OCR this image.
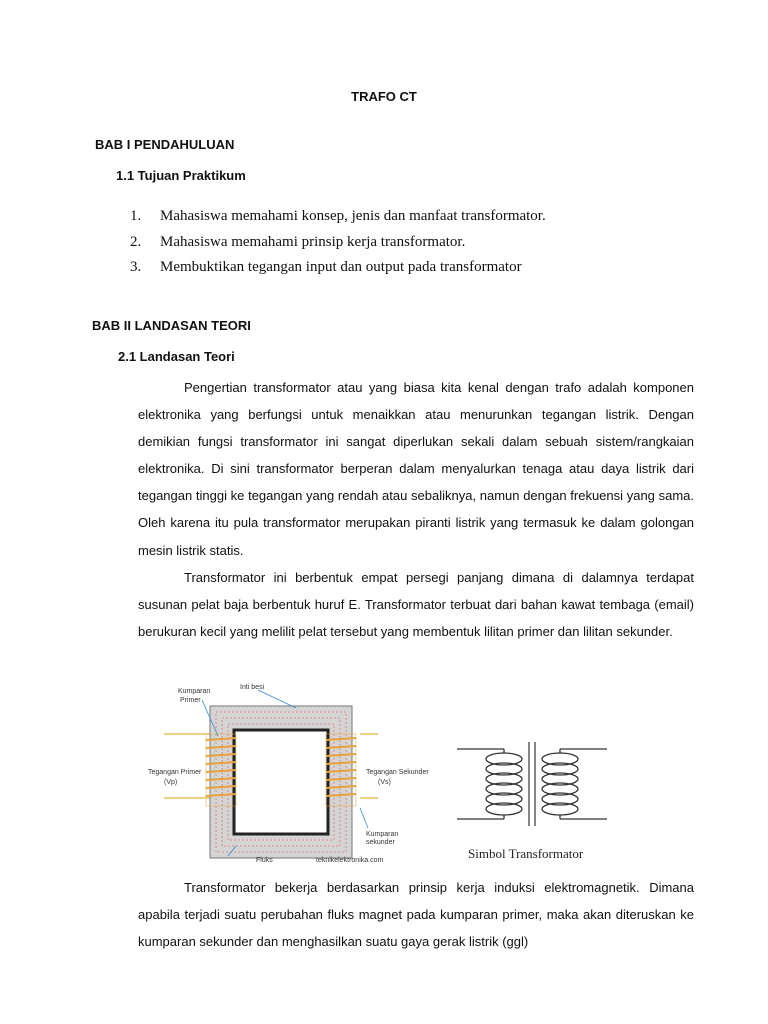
TRAFO CT
BAB I PENDAHULUAN
1.1 Tujuan Praktikum
1.	Mahasiswa memahami konsep, jenis dan manfaat transformator.
2.	Mahasiswa memahami prinsip kerja transformator.
3.	Membuktikan tegangan input dan output pada transformator
BAB II LANDASAN TEORI
2.1 Landasan Teori

Pengertian transformator atau yang biasa kita kenal dengan trafo adalah komponen elektronika yang berfungsi untuk menaikkan atau menurunkan tegangan listrik. Dengan demikian fungsi transformator ini sangat diperlukan sekali dalam sebuah sistem/rangkaian elektronika. Di sini transformator berperan dalam menyalurkan tenaga atau daya listrik dari tegangan tinggi ke tegangan yang rendah atau sebaliknya, namun dengan frekuensi yang sama. Oleh karena itu pula transformator merupakan piranti listrik yang termasuk ke dalam golongan mesin listrik statis.

Transformator ini berbentuk empat persegi panjang dimana di dalamnya terdapat susunan pelat baja berbentuk huruf E. Transformator terbuat dari bahan kawat tembaga (email) berukuran kecil yang melilit pelat tersebut yang membentuk lilitan primer dan lilitan sekunder.

Inti besi
Kumparan
Primer
Tegangan Primer
(Vp)
Tegangan Sekunder
(Vs)
Kumparan
sekunder
Fluks	teknikelektronika.com	Simbol Transformator

Transformator bekerja berdasarkan prinsip kerja induksi elektromagnetik. Dimana apabila terjadi suatu perubahan fluks magnet pada kumparan primer, maka akan diteruskan ke kumparan sekunder dan menghasilkan suatu gaya gerak listrik (ggl)
